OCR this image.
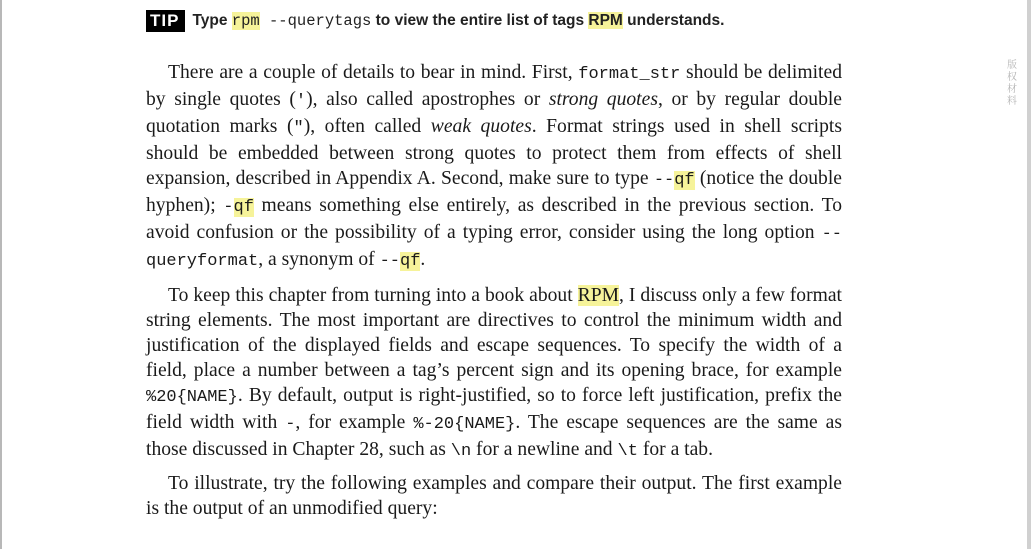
TIP Type rpm --querytags to view the entire list of tags RPM understands.

There are a couple of details to bear in mind. First, format_str should be delimited by single quotes ('), also called apostrophes or strong quotes, or by regular double quotation marks ("), often called weak quotes. Format strings used in shell scripts should be embedded between strong quotes to protect them from effects of shell expansion, described in Appendix A. Second, make sure to type --qf (notice the double hyphen); -qf means something else entirely, as described in the previous section. To avoid confusion or the possibility of a typing error, consider using the long option --queryformat, a synonym of --qf.

To keep this chapter from turning into a book about RPM, I discuss only a few format string elements. The most important are directives to control the minimum width and justification of the displayed fields and escape sequences. To specify the width of a field, place a number between a tag’s percent sign and its opening brace, for example %20{NAME}. By default, output is right-justified, so to force left justification, prefix the field width with -, for example %-20{NAME}. The escape sequences are the same as those discussed in Chapter 28, such as \n for a newline and \t for a tab.

To illustrate, try the following examples and compare their output. The first example is the output of an unmodified query:

版
权
材
料
